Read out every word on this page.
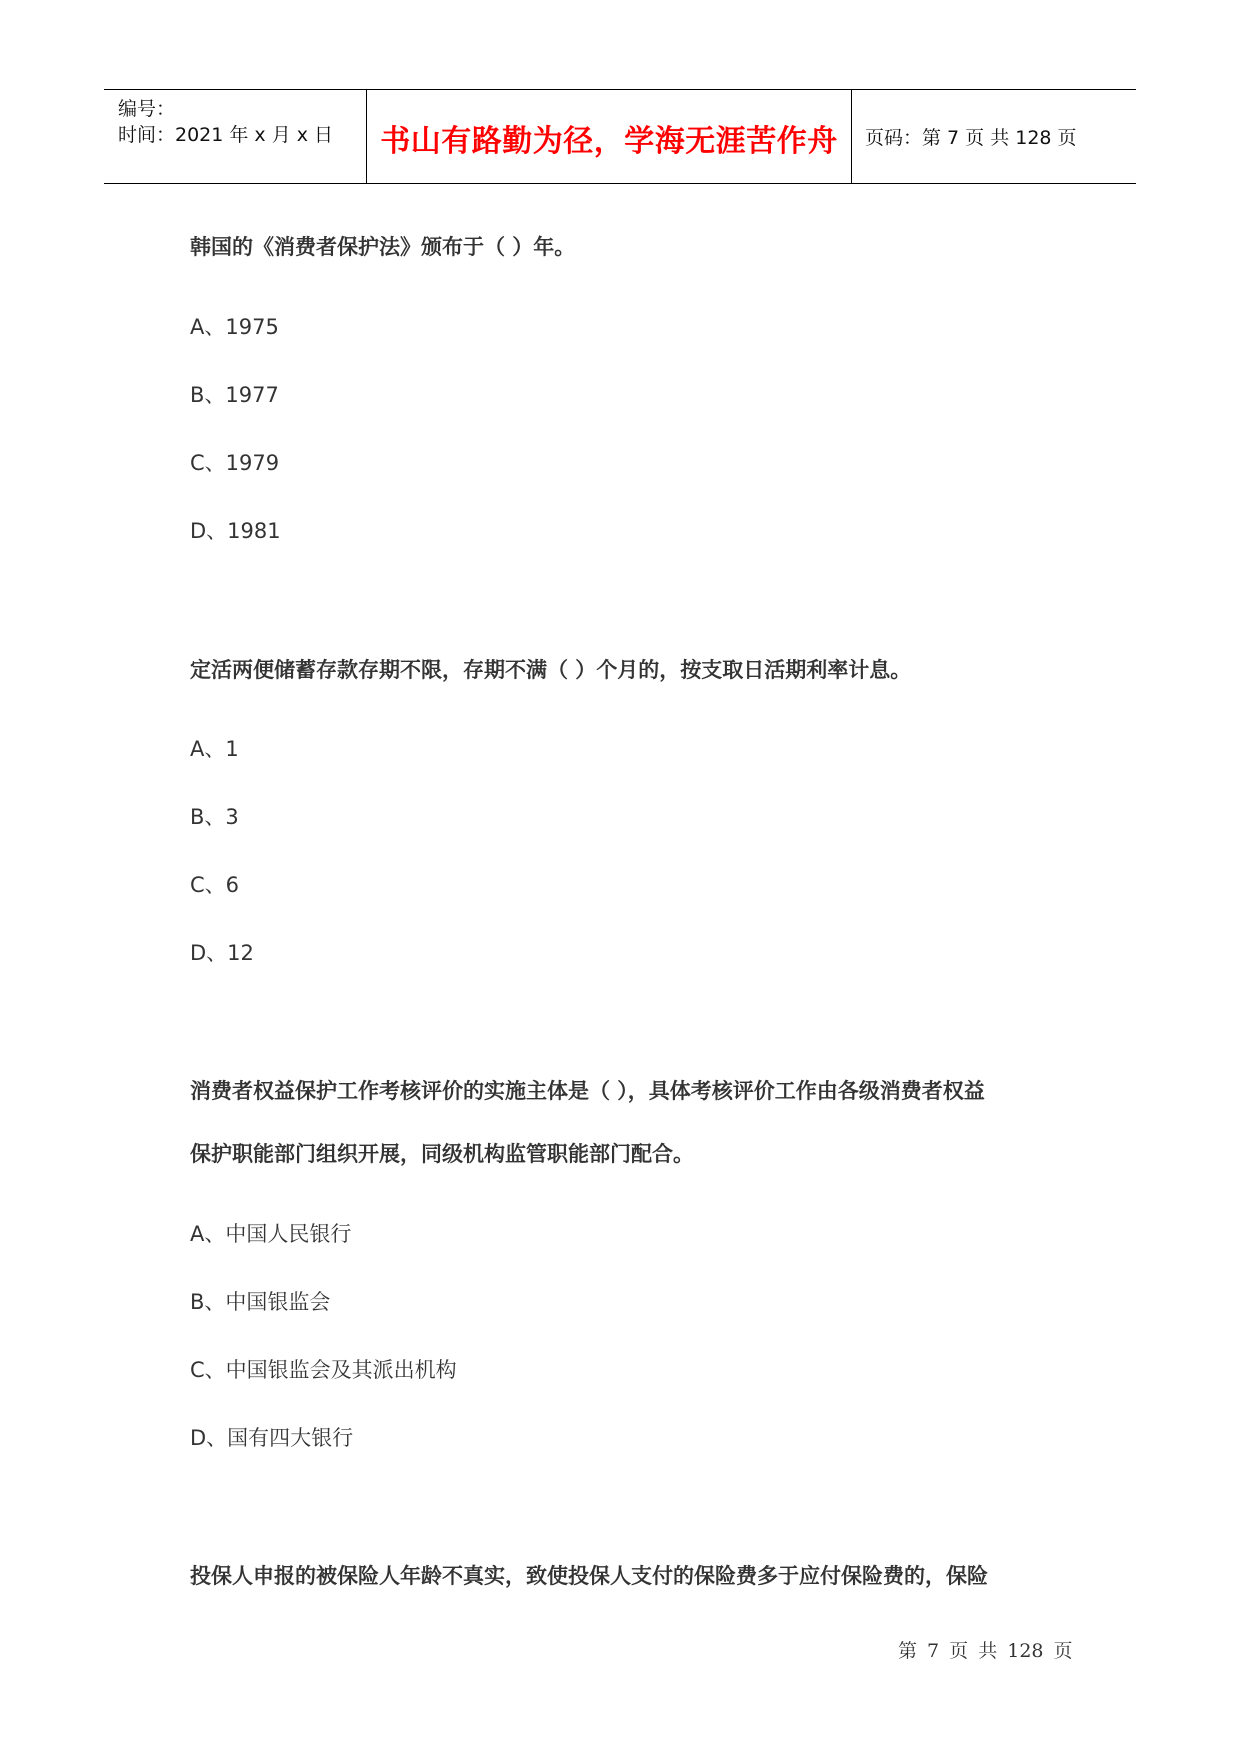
编号：
时间：2021 年 x 月 x 日	书山有路勤为径，学海无涯苦作舟	页码：第 7 页 共 128 页
韩国的《消费者保护法》颁布于（ ）年。
A、1975
B、1977
C、1979
D、1981
定活两便储蓄存款存期不限，存期不满（ ）个月的，按支取日活期利率计息。
A、1
B、3
C、6
D、12
消费者权益保护工作考核评价的实施主体是（ ），具体考核评价工作由各级消费者权益
保护职能部门组织开展，同级机构监管职能部门配合。
A、中国人民银行
B、中国银监会
C、中国银监会及其派出机构
D、国有四大银行
投保人申报的被保险人年龄不真实，致使投保人支付的保险费多于应付保险费的，保险
第 7 页 共 128 页
